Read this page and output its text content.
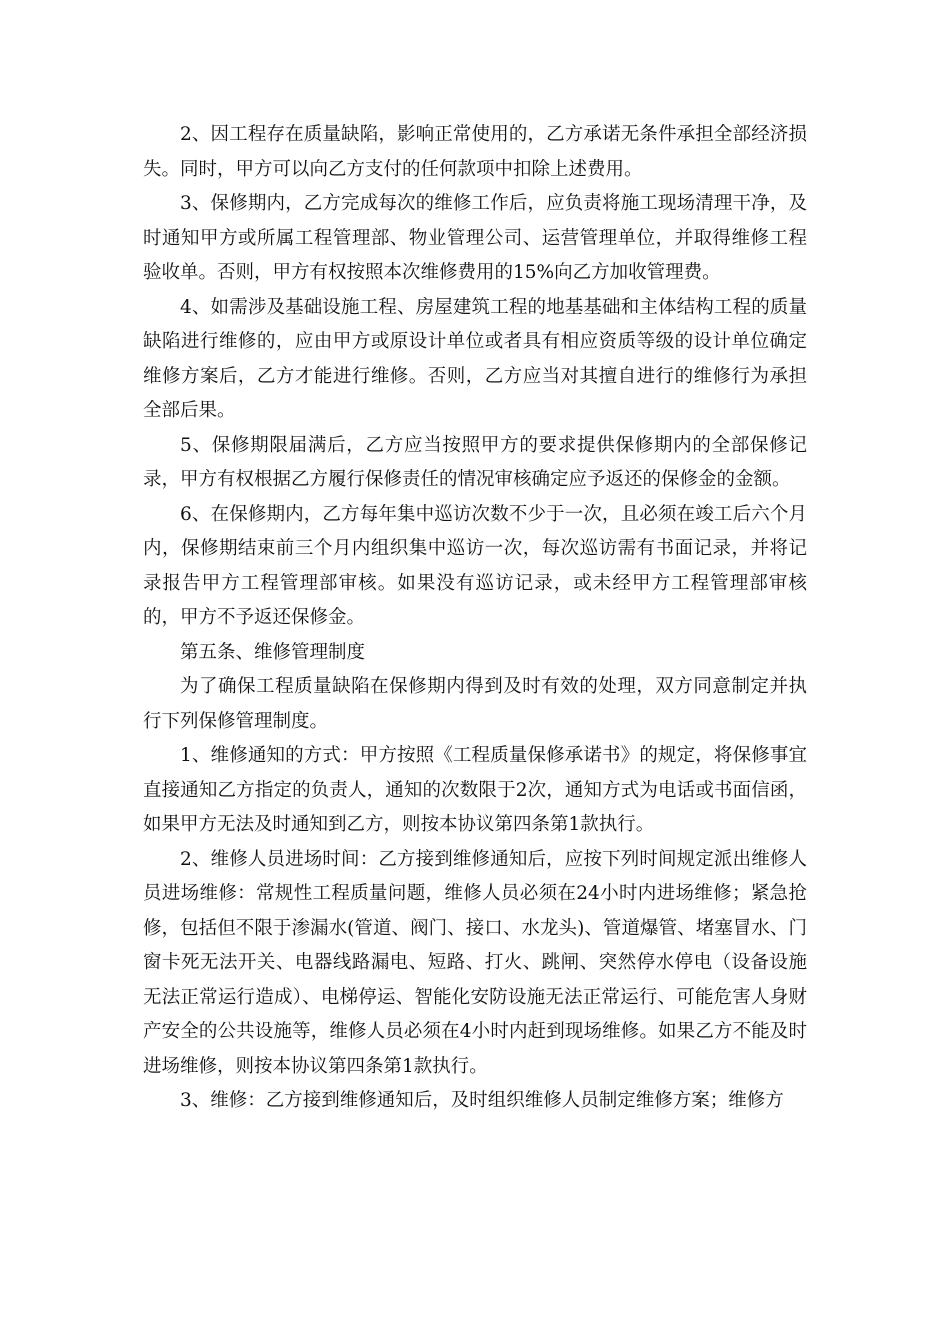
2、因工程存在质量缺陷，影响正常使用的，乙方承诺无条件承担全部经济损失。同时，甲方可以向乙方支付的任何款项中扣除上述费用。

3、保修期内，乙方完成每次的维修工作后，应负责将施工现场清理干净，及时通知甲方或所属工程管理部、物业管理公司、运营管理单位，并取得维修工程验收单。否则，甲方有权按照本次维修费用的15%向乙方加收管理费。

4、如需涉及基础设施工程、房屋建筑工程的地基基础和主体结构工程的质量缺陷进行维修的，应由甲方或原设计单位或者具有相应资质等级的设计单位确定维修方案后，乙方才能进行维修。否则，乙方应当对其擅自进行的维修行为承担全部后果。

5、保修期限届满后，乙方应当按照甲方的要求提供保修期内的全部保修记录，甲方有权根据乙方履行保修责任的情况审核确定应予返还的保修金的金额。

6、在保修期内，乙方每年集中巡访次数不少于一次，且必须在竣工后六个月内，保修期结束前三个月内组织集中巡访一次，每次巡访需有书面记录，并将记录报告甲方工程管理部审核。如果没有巡访记录，或未经甲方工程管理部审核的，甲方不予返还保修金。

第五条、维修管理制度

为了确保工程质量缺陷在保修期内得到及时有效的处理，双方同意制定并执行下列保修管理制度。

1、维修通知的方式：甲方按照《工程质量保修承诺书》的规定，将保修事宜直接通知乙方指定的负责人，通知的次数限于2次，通知方式为电话或书面信函，如果甲方无法及时通知到乙方，则按本协议第四条第1款执行。

2、维修人员进场时间：乙方接到维修通知后，应按下列时间规定派出维修人员进场维修：常规性工程质量问题，维修人员必须在24小时内进场维修；紧急抢修，包括但不限于渗漏水(管道、阀门、接口、水龙头)、管道爆管、堵塞冒水、门窗卡死无法开关、电器线路漏电、短路、打火、跳闸、突然停水停电（设备设施无法正常运行造成）、电梯停运、智能化安防设施无法正常运行、可能危害人身财产安全的公共设施等，维修人员必须在4小时内赶到现场维修。如果乙方不能及时进场维修，则按本协议第四条第1款执行。

3、维修：乙方接到维修通知后，及时组织维修人员制定维修方案；维修方
